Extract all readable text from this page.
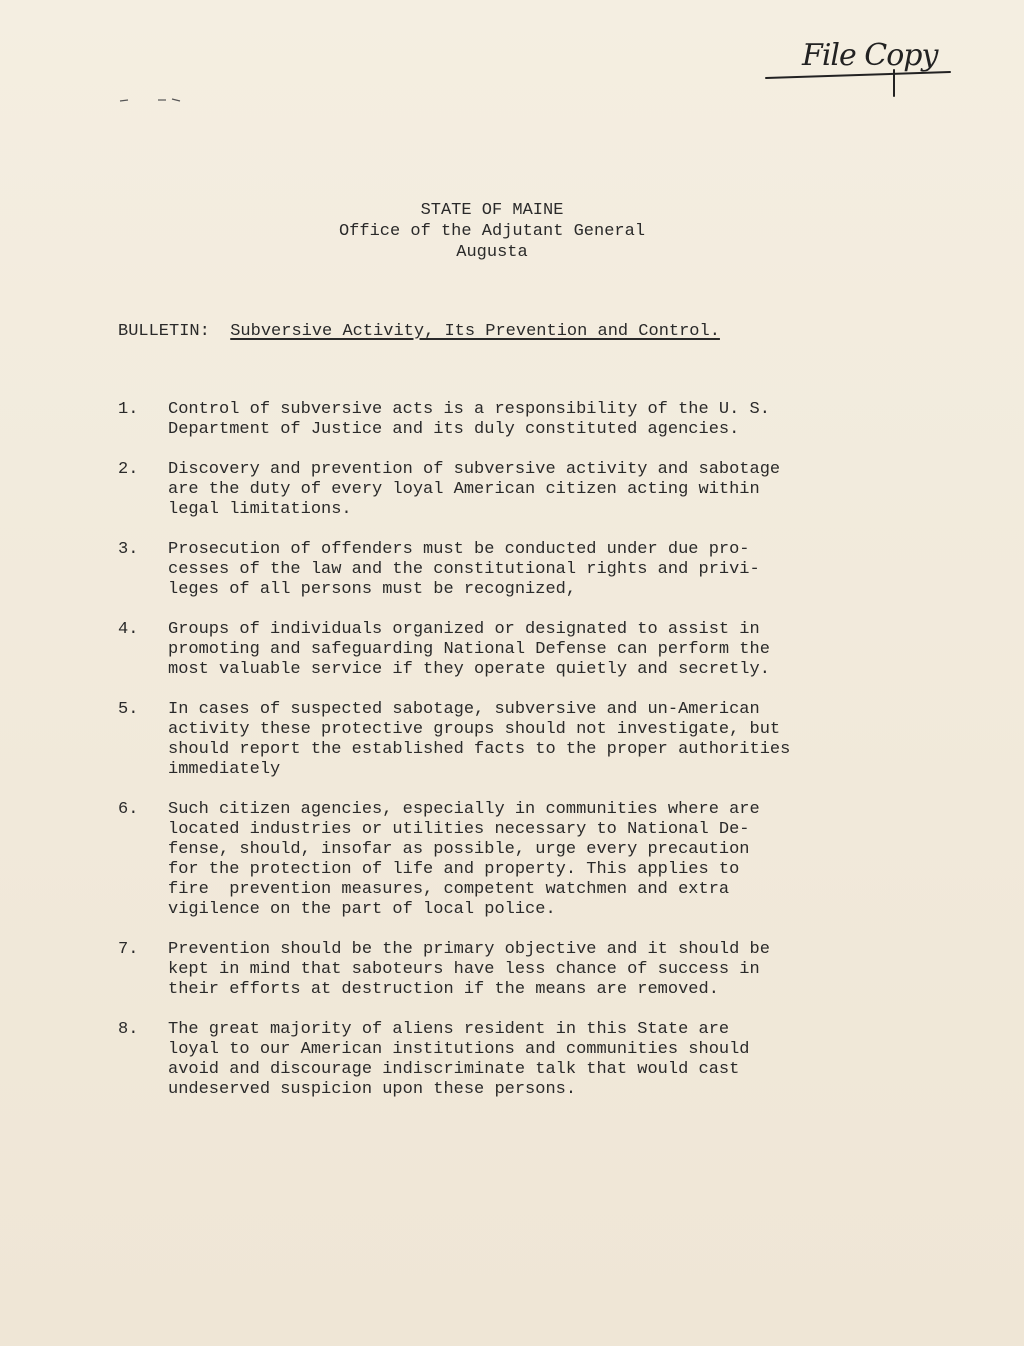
File Copy
STATE OF MAINE
Office of the Adjutant General
Augusta
BULLETIN: Subversive Activity, Its Prevention and Control.
1.	Control of subversive acts is a responsibility of the U. S.
Department of Justice and its duly constituted agencies.
2.	Discovery and prevention of subversive activity and sabotage
are the duty of every loyal American citizen acting within
legal limitations.
3.	Prosecution of offenders must be conducted under due pro-
cesses of the law and the constitutional rights and privi-
leges of all persons must be recognized,
4.	Groups of individuals organized or designated to assist in
promoting and safeguarding National Defense can perform the
most valuable service if they operate quietly and secretly.
5.	In cases of suspected sabotage, subversive and un-American
activity these protective groups should not investigate, but
should report the established facts to the proper authorities
immediately
6.	Such citizen agencies, especially in communities where are
located industries or utilities necessary to National De-
fense, should, insofar as possible, urge every precaution
for the protection of life and property. This applies to
fire  prevention measures, competent watchmen and extra
vigilence on the part of local police.
7.	Prevention should be the primary objective and it should be
kept in mind that saboteurs have less chance of success in
their efforts at destruction if the means are removed.
8.	The great majority of aliens resident in this State are
loyal to our American institutions and communities should
avoid and discourage indiscriminate talk that would cast
undeserved suspicion upon these persons.
